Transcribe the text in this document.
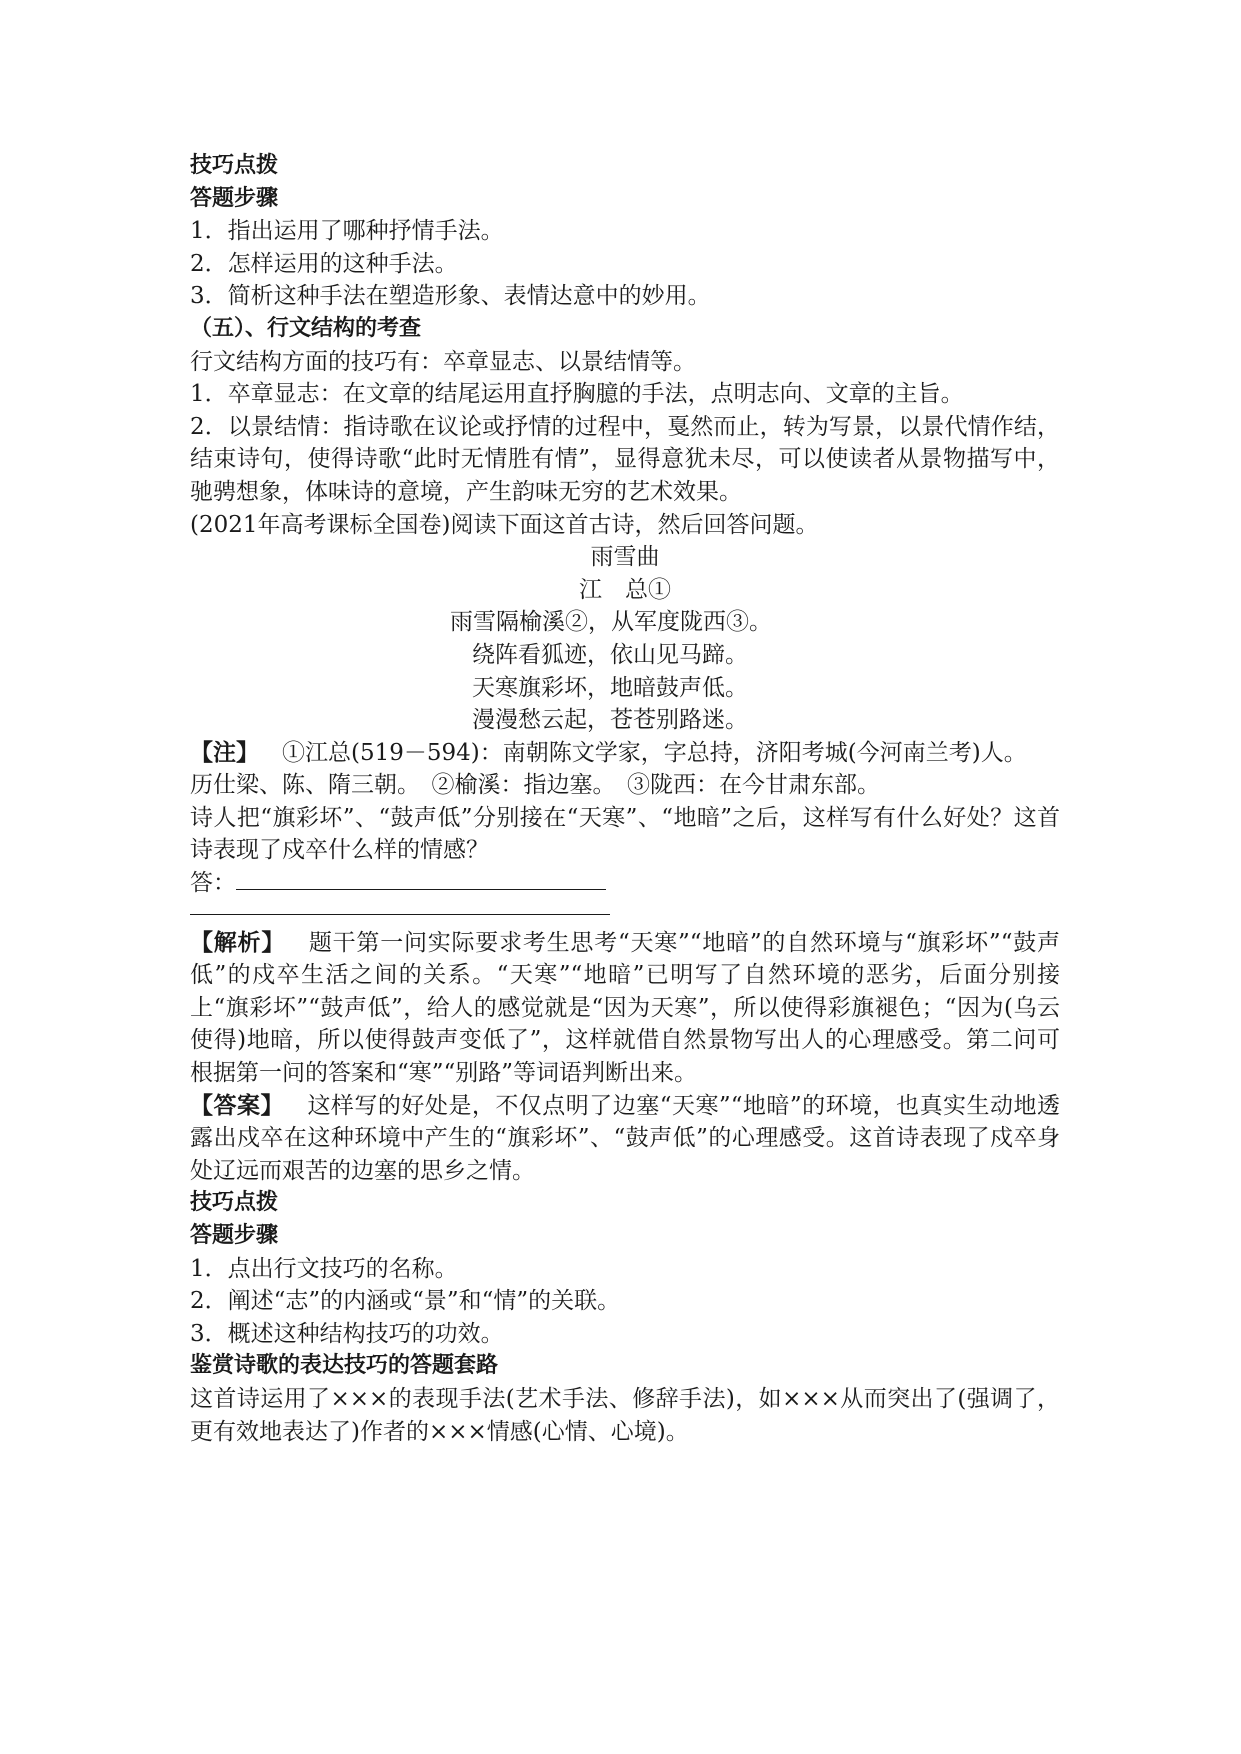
技巧点拨
答题步骤
1．指出运用了哪种抒情手法。
2．怎样运用的这种手法。
3．简析这种手法在塑造形象、表情达意中的妙用。
（五）、行文结构的考查
行文结构方面的技巧有：卒章显志、以景结情等。
1．卒章显志：在文章的结尾运用直抒胸臆的手法，点明志向、文章的主旨。
2．以景结情：指诗歌在议论或抒情的过程中，戛然而止，转为写景，以景代情作结，结束诗句，使得诗歌“此时无情胜有情”，显得意犹未尽，可以使读者从景物描写中，驰骋想象，体味诗的意境，产生韵味无穷的艺术效果。
(2021年高考课标全国卷)阅读下面这首古诗，然后回答问题。
雨雪曲
江　总①
雨雪隔榆溪②，从军度陇西③。
绕阵看狐迹，依山见马蹄。
天寒旗彩坏，地暗鼓声低。
漫漫愁云起，苍苍别路迷。
【注】 ①江总(519－594)：南朝陈文学家，字总持，济阳考城(今河南兰考)人。
历仕梁、陈、隋三朝。　②榆溪：指边塞。　③陇西：在今甘肃东部。
诗人把“旗彩坏”、“鼓声低”分别接在“天寒”、“地暗”之后，这样写有什么好处？这首诗表现了戍卒什么样的情感？
答：
【解析】 题干第一问实际要求考生思考“天寒”“地暗”的自然环境与“旗彩坏”“鼓声低”的戍卒生活之间的关系。“天寒”“地暗”已明写了自然环境的恶劣，后面分别接上“旗彩坏”“鼓声低”，给人的感觉就是“因为天寒”，所以使得彩旗褪色；“因为(乌云使得)地暗，所以使得鼓声变低了”，这样就借自然景物写出人的心理感受。第二问可根据第一问的答案和“寒”“别路”等词语判断出来。
【答案】 这样写的好处是，不仅点明了边塞“天寒”“地暗”的环境，也真实生动地透露出戍卒在这种环境中产生的“旗彩坏”、“鼓声低”的心理感受。这首诗表现了戍卒身处辽远而艰苦的边塞的思乡之情。
技巧点拨
答题步骤
1．点出行文技巧的名称。
2．阐述“志”的内涵或“景”和“情”的关联。
3．概述这种结构技巧的功效。
鉴赏诗歌的表达技巧的答题套路
这首诗运用了×××的表现手法(艺术手法、修辞手法)，如×××从而突出了(强调了，更有效地表达了)作者的×××情感(心情、心境)。
